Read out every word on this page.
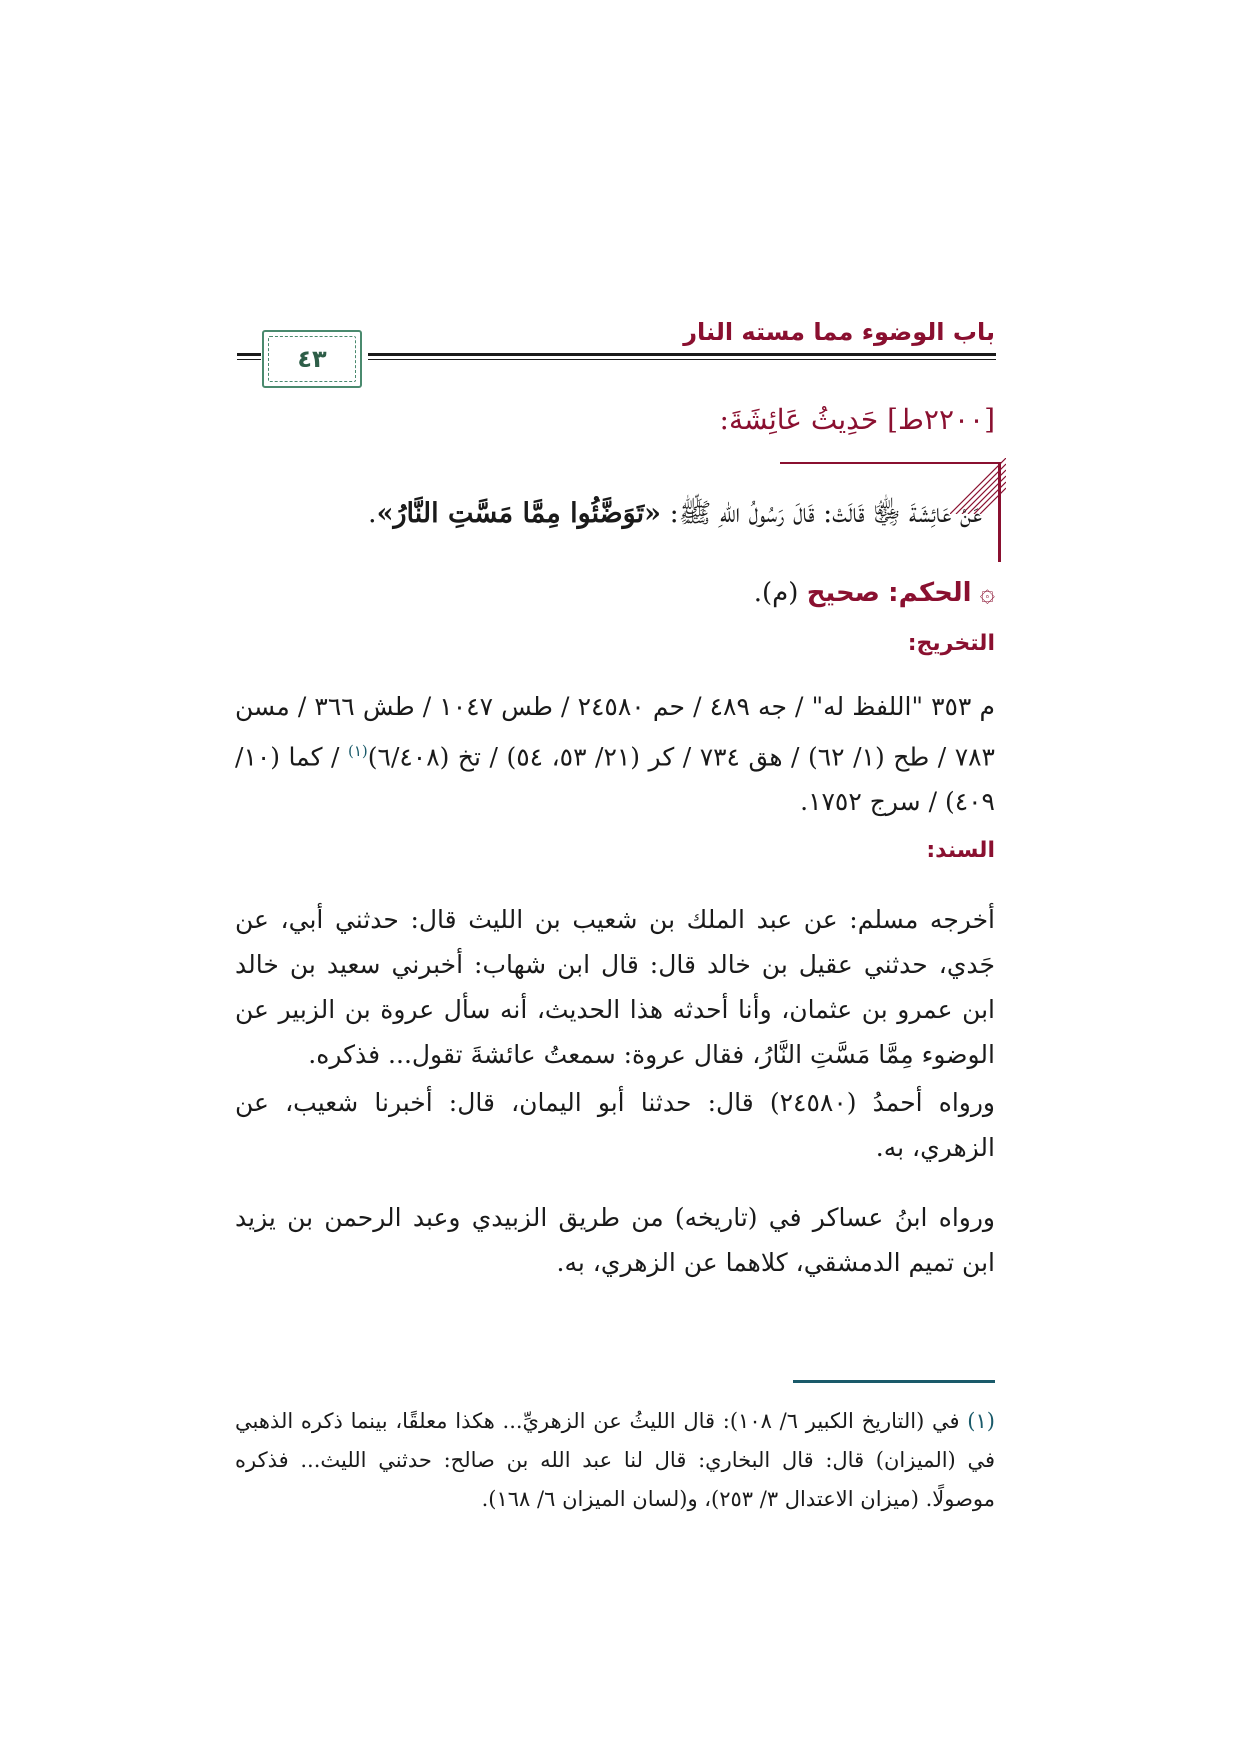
باب الوضوء مما مسته النار
٤٣
[٢٢٠٠ط] حَدِيثُ عَائِشَةَ:
عَنْ عَائِشَةَ ﵂ قَالَتْ: قَالَ رَسُولُ اللهِ ﷺ: «تَوَضَّئُوا مِمَّا مَسَّتِ النَّارُ».
۞ الحكم: صحيح (م).
التخريج:
م ٣٥٣ "اللفظ له" / جه ٤٨٩ / حم ٢٤٥٨٠ / طس ١٠٤٧ / طش ٣٦٦ / مسن ٧٨٣ / طح (١/ ٦٢) / هق ٧٣٤ / كر (٢١/ ٥٣، ٥٤) / تخ (٦/٤٠٨)$^{(١)}$ / كما (١٠/ ٤٠٩) / سرج ١٧٥٢.
السند:
أخرجه مسلم: عن عبد الملك بن شعيب بن الليث قال: حدثني أبي، عن جَدي، حدثني عقيل بن خالد قال: قال ابن شهاب: أخبرني سعيد بن خالد ابن عمرو بن عثمان، وأنا أحدثه هذا الحديث، أنه سأل عروة بن الزبير عن الوضوء مِمَّا مَسَّتِ النَّارُ، فقال عروة: سمعتُ عائشةَ تقول... فذكره.
ورواه أحمدُ (٢٤٥٨٠) قال: حدثنا أبو اليمان، قال: أخبرنا شعيب، عن الزهري، به.
ورواه ابنُ عساكر في (تاريخه) من طريق الزبيدي وعبد الرحمن بن يزيد ابن تميم الدمشقي، كلاهما عن الزهري، به.
(١) في (التاريخ الكبير ٦/ ١٠٨): قال الليثُ عن الزهريِّ... هكذا معلقًا، بينما ذكره الذهبي في (الميزان) قال: قال البخاري: قال لنا عبد الله بن صالح: حدثني الليث... فذكره موصولًا. (ميزان الاعتدال ٣/ ٢٥٣)، و(لسان الميزان ٦/ ١٦٨).
